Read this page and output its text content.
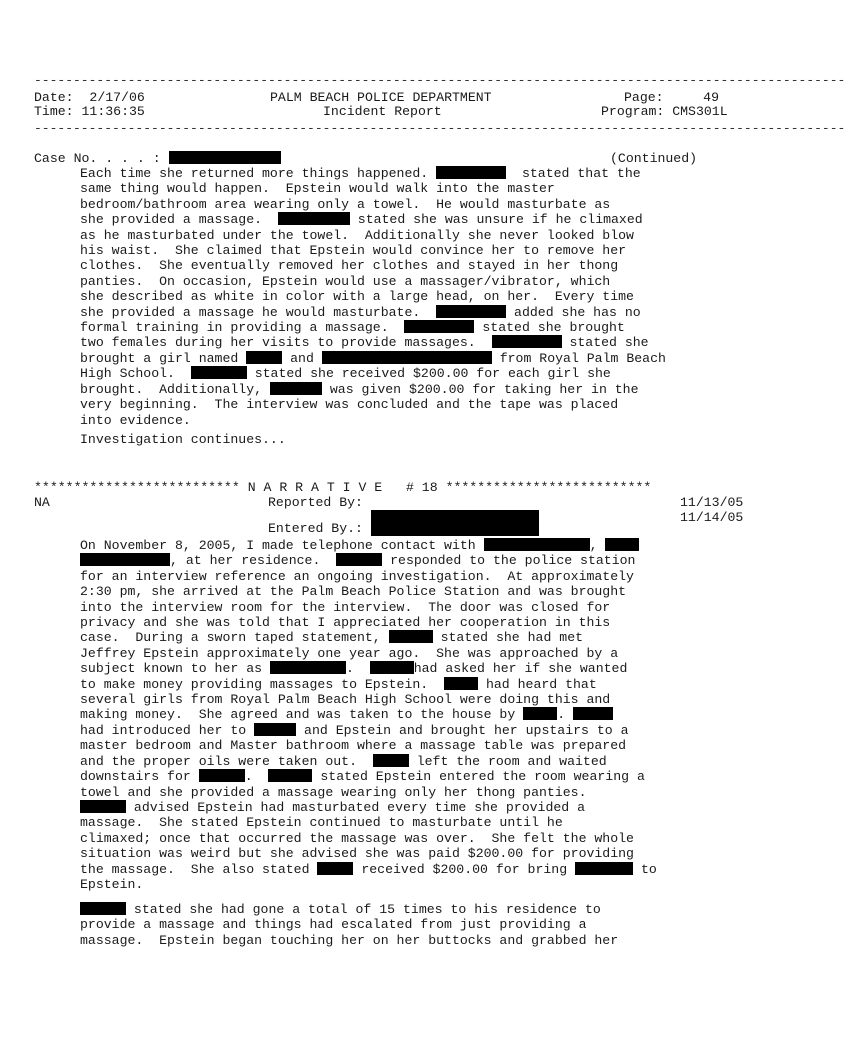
--------------------------------------------------------------------------------------------------------
--------------------------------------------------------------------------------------------------------
Date: 2/17/06
Time: 11:36:35
PALM BEACH POLICE DEPARTMENT
Incident Report
Page:	49
Program: CMS301L
Case No. . . . :	(Continued)
Each time she returned more things happened.	stated that the
same thing would happen.  Epstein would walk into the master
bedroom/bathroom area wearing only a towel.  He would masturbate as
she provided a massage.	stated she was unsure if he climaxed
as he masturbated under the towel.  Additionally she never looked blow
his waist.  She claimed that Epstein would convince her to remove her
clothes.  She eventually removed her clothes and stayed in her thong
panties.  On occasion, Epstein would use a massager/vibrator, which
she described as white in color with a large head, on her.  Every time
she provided a massage he would masturbate.	added she has no
formal training in providing a massage.	stated she brought
two females during her visits to provide massages.	stated she
brought a girl named	and	from Royal Palm Beach
High School.	stated she received $200.00 for each girl she
brought.  Additionally,	was given $200.00 for taking her in the
very beginning.  The interview was concluded and the tape was placed
into evidence.
Investigation continues...
************************** N A R R A T I V E # 18 **************************
NA	Reported By:
Entered By.:
11/13/05
11/14/05
On November 8, 2005, I made telephone contact with	,
, at her residence.	responded to the police station
for an interview reference an ongoing investigation.  At approximately
2:30 pm, she arrived at the Palm Beach Police Station and was brought
into the interview room for the interview.  The door was closed for
privacy and she was told that I appreciated her cooperation in this
case.  During a sworn taped statement,	stated she had met
Jeffrey Epstein approximately one year ago.  She was approached by a
subject known to her as	.	had asked her if she wanted
to make money providing massages to Epstein.	had heard that
several girls from Royal Palm Beach High School were doing this and
making money.  She agreed and was taken to the house by	.
had introduced her to	and Epstein and brought her upstairs to a
master bedroom and Master bathroom where a massage table was prepared
and the proper oils were taken out.	left the room and waited
downstairs for	.	stated Epstein entered the room wearing a
towel and she provided a massage wearing only her thong panties.
advised Epstein had masturbated every time she provided a
massage.  She stated Epstein continued to masturbate until he
climaxed; once that occurred the massage was over.  She felt the whole
situation was weird but she advised she was paid $200.00 for providing
the massage.  She also stated	received $200.00 for bring	to
Epstein.
stated she had gone a total of 15 times to his residence to
provide a massage and things had escalated from just providing a
massage.  Epstein began touching her on her buttocks and grabbed her
